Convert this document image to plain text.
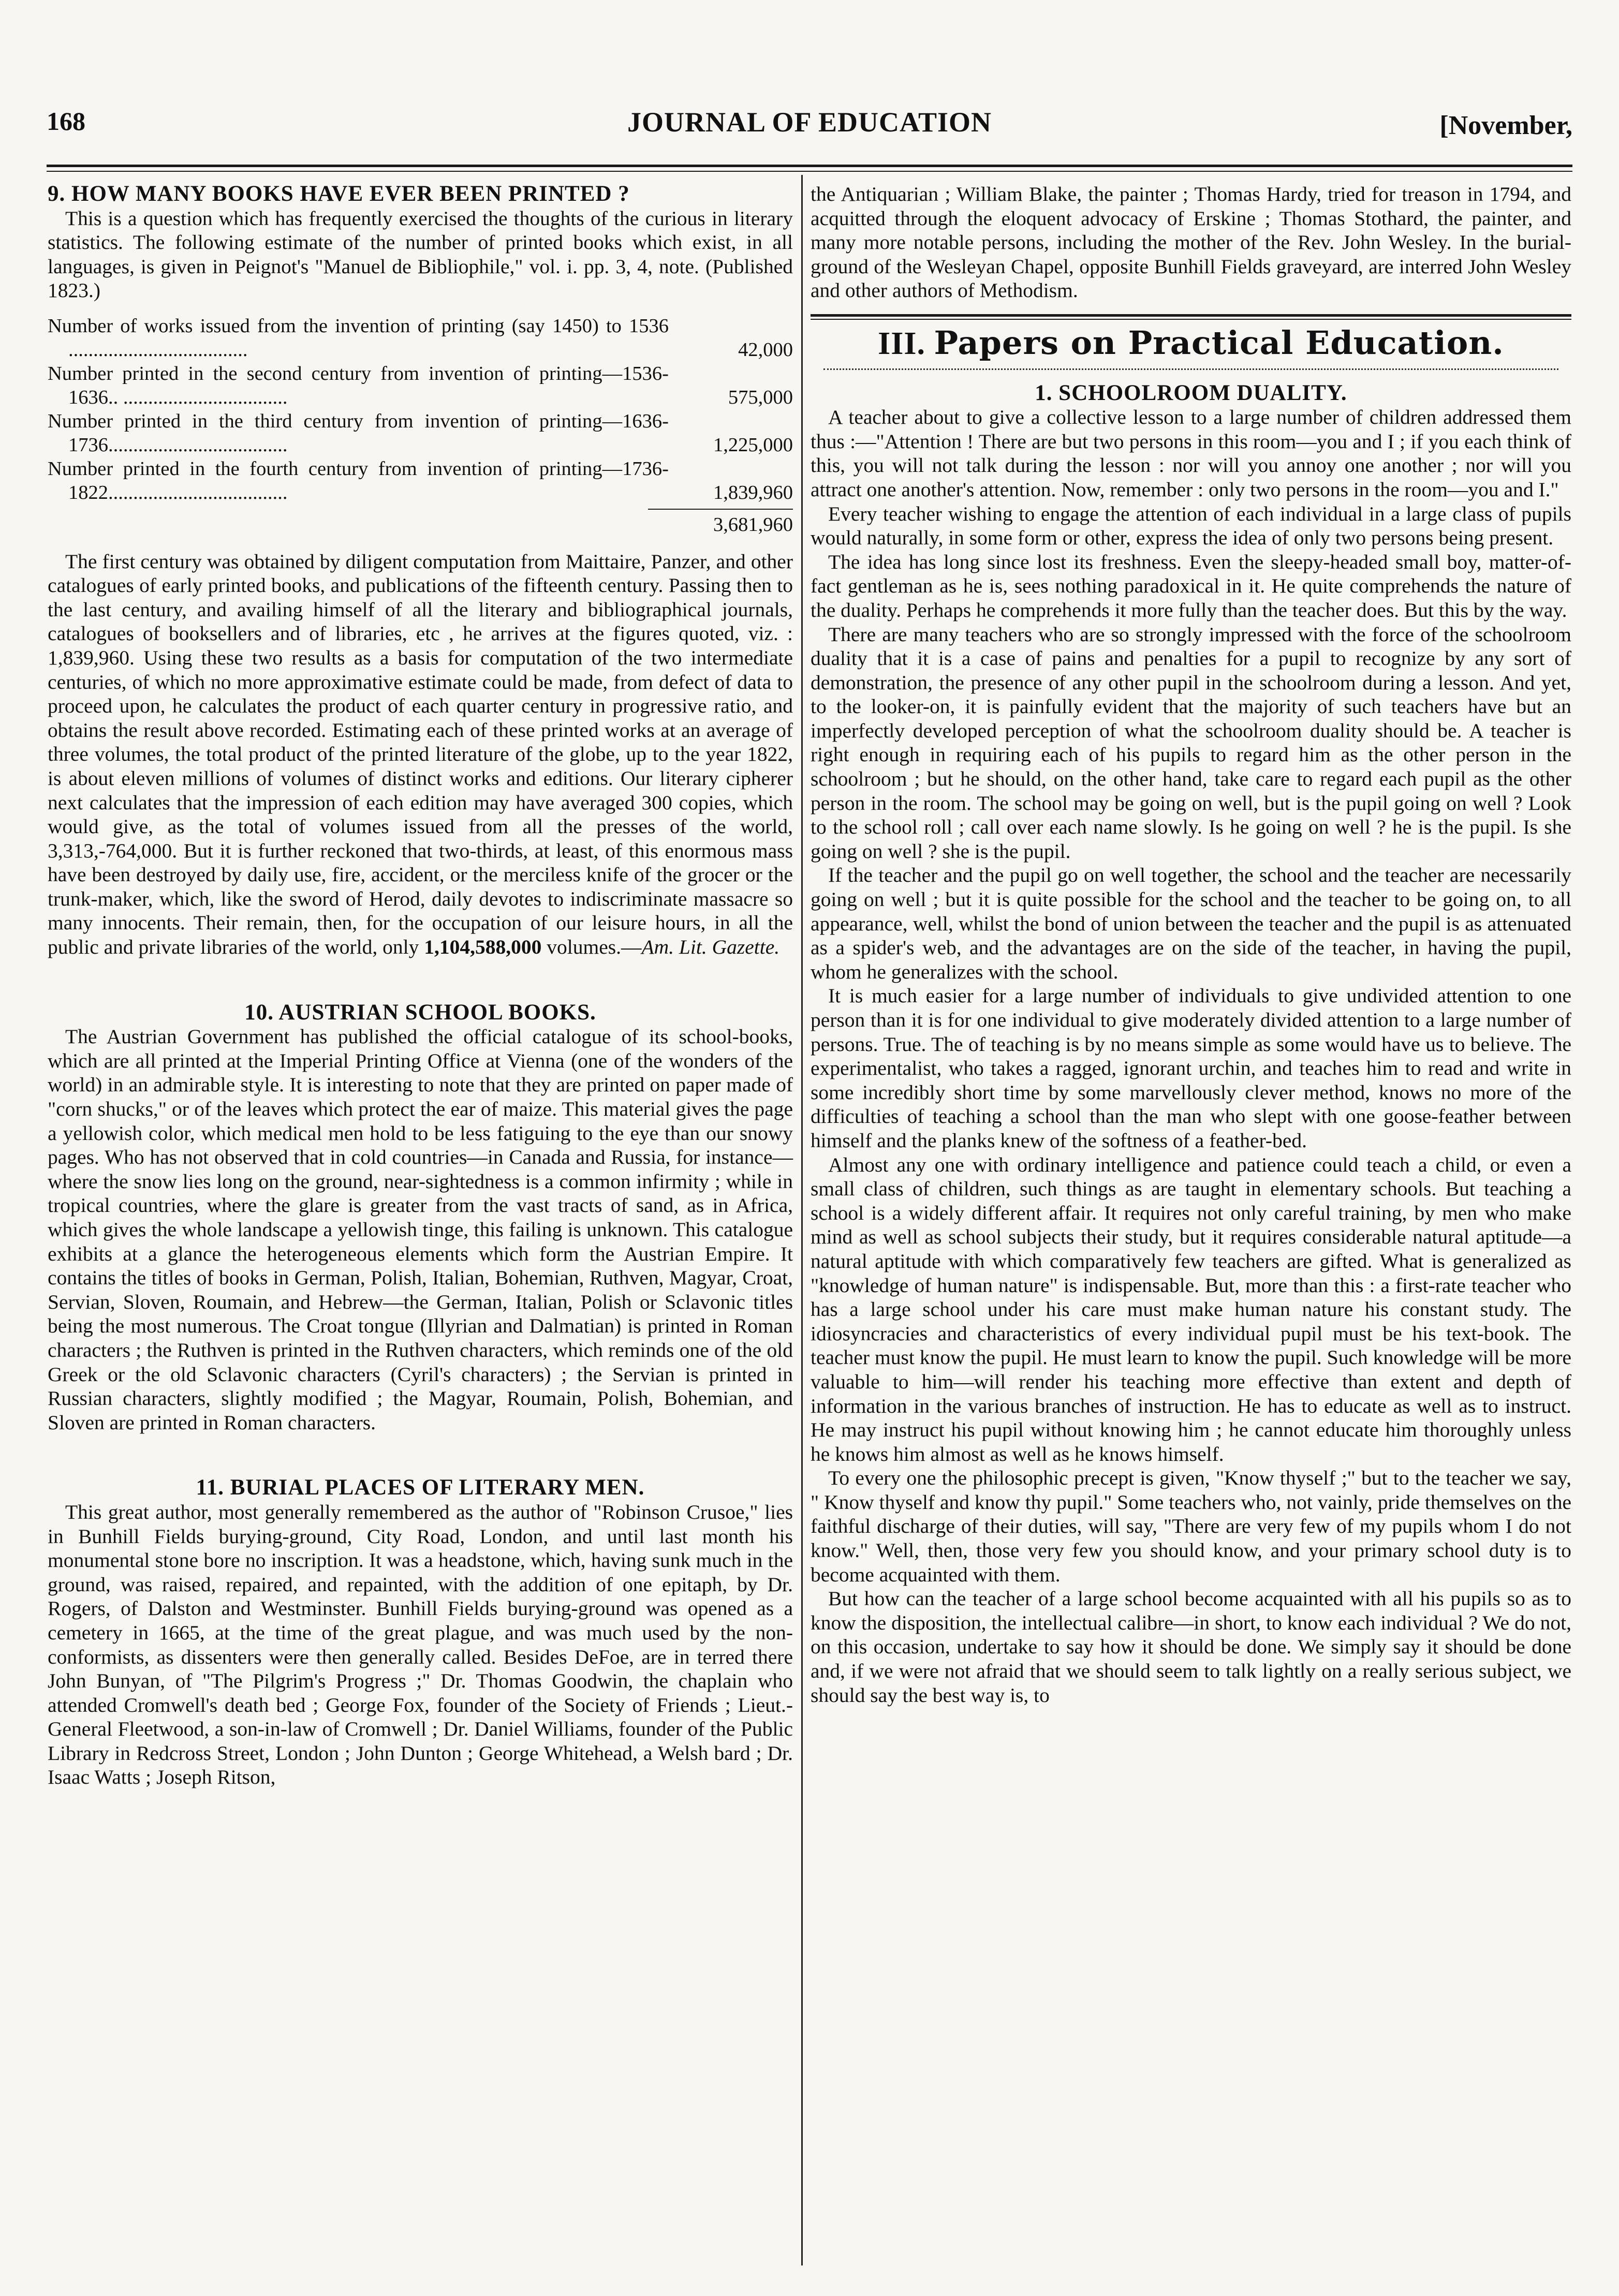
168	JOURNAL OF EDUCATION	[November,
9. HOW MANY BOOKS HAVE EVER BEEN PRINTED ?

This is a question which has frequently exercised the thoughts of the curious in literary statistics. The following estimate of the number of printed books which exist, in all languages, is given in Peignot's "Manuel de Bibliophile," vol. i. pp. 3, 4, note. (Published 1823.)

Number of works issued from the invention of printing (say 1450) to 1536 ....................................	42,000
Number printed in the second century from invention of printing—1536-1636.. .................................	575,000
Number printed in the third century from invention of printing—1636-1736....................................	1,225,000
Number printed in the fourth century from invention of printing—1736-1822....................................	1,839,960
3,681,960

The first century was obtained by diligent computation from Maittaire, Panzer, and other catalogues of early printed books, and publications of the fifteenth century. Passing then to the last century, and availing himself of all the literary and bibliographical journals, catalogues of booksellers and of libraries, etc , he arrives at the figures quoted, viz. : 1,839,960. Using these two results as a basis for computation of the two intermediate centuries, of which no more approximative estimate could be made, from defect of data to proceed upon, he calculates the product of each quarter century in progressive ratio, and obtains the result above recorded. Estimating each of these printed works at an average of three volumes, the total product of the printed literature of the globe, up to the year 1822, is about eleven millions of volumes of distinct works and editions. Our literary cipherer next calculates that the impression of each edition may have averaged 300 copies, which would give, as the total of volumes issued from all the presses of the world, 3,313,-764,000. But it is further reckoned that two-thirds, at least, of this enormous mass have been destroyed by daily use, fire, accident, or the merciless knife of the grocer or the trunk-maker, which, like the sword of Herod, daily devotes to indiscriminate massacre so many innocents. Their remain, then, for the occupation of our leisure hours, in all the public and private libraries of the world, only 1,104,588,000 volumes.—Am. Lit. Gazette.

10. AUSTRIAN SCHOOL BOOKS.

The Austrian Government has published the official catalogue of its school-books, which are all printed at the Imperial Printing Office at Vienna (one of the wonders of the world) in an admirable style. It is interesting to note that they are printed on paper made of "corn shucks," or of the leaves which protect the ear of maize. This material gives the page a yellowish color, which medical men hold to be less fatiguing to the eye than our snowy pages. Who has not observed that in cold countries—in Canada and Russia, for instance—where the snow lies long on the ground, near-sightedness is a common infirmity ; while in tropical countries, where the glare is greater from the vast tracts of sand, as in Africa, which gives the whole landscape a yellowish tinge, this failing is unknown. This catalogue exhibits at a glance the heterogeneous elements which form the Austrian Empire. It contains the titles of books in German, Polish, Italian, Bohemian, Ruthven, Magyar, Croat, Servian, Sloven, Roumain, and Hebrew—the German, Italian, Polish or Sclavonic titles being the most numerous. The Croat tongue (Illyrian and Dalmatian) is printed in Roman characters ; the Ruthven is printed in the Ruthven characters, which reminds one of the old Greek or the old Sclavonic characters (Cyril's characters) ; the Servian is printed in Russian characters, slightly modified ; the Magyar, Roumain, Polish, Bohemian, and Sloven are printed in Roman characters.

11. BURIAL PLACES OF LITERARY MEN.

This great author, most generally remembered as the author of "Robinson Crusoe," lies in Bunhill Fields burying-ground, City Road, London, and until last month his monumental stone bore no inscription. It was a headstone, which, having sunk much in the ground, was raised, repaired, and repainted, with the addition of one epitaph, by Dr. Rogers, of Dalston and Westminster. Bunhill Fields burying-ground was opened as a cemetery in 1665, at the time of the great plague, and was much used by the non-conformists, as dissenters were then generally called. Besides DeFoe, are in terred there John Bunyan, of "The Pilgrim's Progress ;" Dr. Thomas Goodwin, the chaplain who attended Cromwell's death bed ; George Fox, founder of the Society of Friends ; Lieut.-General Fleetwood, a son-in-law of Cromwell ; Dr. Daniel Williams, founder of the Public Library in Redcross Street, London ; John Dunton ; George Whitehead, a Welsh bard ; Dr. Isaac Watts ; Joseph Ritson,

the Antiquarian ; William Blake, the painter ; Thomas Hardy, tried for treason in 1794, and acquitted through the eloquent advocacy of Erskine ; Thomas Stothard, the painter, and many more notable persons, including the mother of the Rev. John Wesley. In the burial-ground of the Wesleyan Chapel, opposite Bunhill Fields graveyard, are interred John Wesley and other authors of Methodism.

III. Papers on Practical Education.
1. SCHOOLROOM DUALITY.

A teacher about to give a collective lesson to a large number of children addressed them thus :—"Attention ! There are but two persons in this room—you and I ; if you each think of this, you will not talk during the lesson : nor will you annoy one another ; nor will you attract one another's attention. Now, remember : only two persons in the room—you and I."

Every teacher wishing to engage the attention of each individual in a large class of pupils would naturally, in some form or other, express the idea of only two persons being present.

The idea has long since lost its freshness. Even the sleepy-headed small boy, matter-of-fact gentleman as he is, sees nothing paradoxical in it. He quite comprehends the nature of the duality. Perhaps he comprehends it more fully than the teacher does. But this by the way.

There are many teachers who are so strongly impressed with the force of the schoolroom duality that it is a case of pains and penalties for a pupil to recognize by any sort of demonstration, the presence of any other pupil in the schoolroom during a lesson. And yet, to the looker-on, it is painfully evident that the majority of such teachers have but an imperfectly developed perception of what the schoolroom duality should be. A teacher is right enough in requiring each of his pupils to regard him as the other person in the schoolroom ; but he should, on the other hand, take care to regard each pupil as the other person in the room. The school may be going on well, but is the pupil going on well ? Look to the school roll ; call over each name slowly. Is he going on well ? he is the pupil. Is she going on well ? she is the pupil.

If the teacher and the pupil go on well together, the school and the teacher are necessarily going on well ; but it is quite possible for the school and the teacher to be going on, to all appearance, well, whilst the bond of union between the teacher and the pupil is as attenuated as a spider's web, and the advantages are on the side of the teacher, in having the pupil, whom he generalizes with the school.

It is much easier for a large number of individuals to give undivided attention to one person than it is for one individual to give moderately divided attention to a large number of persons. True. The of teaching is by no means simple as some would have us to believe. The experimentalist, who takes a ragged, ignorant urchin, and teaches him to read and write in some incredibly short time by some marvellously clever method, knows no more of the difficulties of teaching a school than the man who slept with one goose-feather between himself and the planks knew of the softness of a feather-bed.

Almost any one with ordinary intelligence and patience could teach a child, or even a small class of children, such things as are taught in elementary schools. But teaching a school is a widely different affair. It requires not only careful training, by men who make mind as well as school subjects their study, but it requires considerable natural aptitude—a natural aptitude with which comparatively few teachers are gifted. What is generalized as "knowledge of human nature" is indispensable. But, more than this : a first-rate teacher who has a large school under his care must make human nature his constant study. The idiosyncracies and characteristics of every individual pupil must be his text-book. The teacher must know the pupil. He must learn to know the pupil. Such knowledge will be more valuable to him—will render his teaching more effective than extent and depth of information in the various branches of instruction. He has to educate as well as to instruct. He may instruct his pupil without knowing him ; he cannot educate him thoroughly unless he knows him almost as well as he knows himself.

To every one the philosophic precept is given, "Know thyself ;" but to the teacher we say, " Know thyself and know thy pupil." Some teachers who, not vainly, pride themselves on the faithful discharge of their duties, will say, "There are very few of my pupils whom I do not know." Well, then, those very few you should know, and your primary school duty is to become acquainted with them.

But how can the teacher of a large school become acquainted with all his pupils so as to know the disposition, the intellectual calibre—in short, to know each individual ? We do not, on this occasion, undertake to say how it should be done. We simply say it should be done and, if we were not afraid that we should seem to talk lightly on a really serious subject, we should say the best way is, to
